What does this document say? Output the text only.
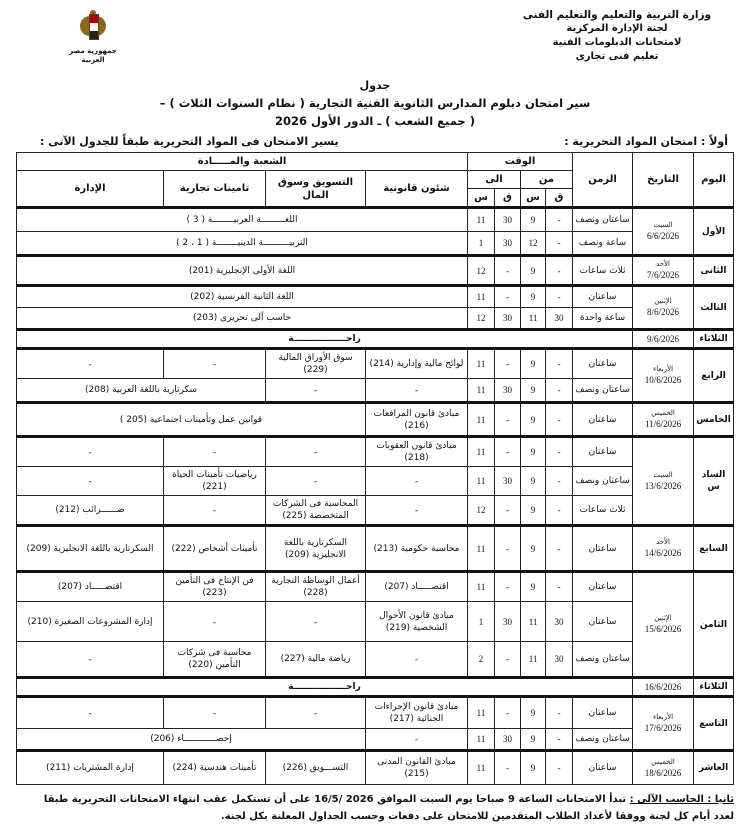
وزارة التربية والتعليم والتعليم الفنى
لجنة الإدارة المركزية
لامتحانات الدبلومات الفنية
تعليم فنى تجارى
جمهورية مصر العربية
جدول
سير امتحان دبلوم المدارس الثانوية الفنية التجارية ( نظام السنوات الثلاث ) –
( جميع الشعب ) ـ الدور الأول 2026
أولاً : امتحان المواد التحريرية :
يسير الامتحان فى المواد التحريرية طبقاً للجدول الآتى :
اليوم	التاريخ	الزمن	الوقت				الشعبة والمـــــادة			
			من		الى		شئون قانونية	التسويق وسوق المال	تامينات تجارية	الإدارة
			ق	س	ق	س				
الأول	السبت
6/6/2026	ساعتان ونصف	-	9	30	11	اللغـــــــــة العربيــــــــة ( 3 )			
		ساعة ونصف	-	12	30	1	التربيــــــــــة الدينيــــــــة ( 1 ، 2 )			
الثانى	الأحد
7/6/2026	ثلاث ساعات	-	9	-	12	اللغة الأولى الإنجليزية (201)			
الثالث	الإثنين
8/6/2026	ساعتان	-	9	-	11	اللغة الثانية الفرنسية (202)			
		ساعة واحدة	30	11	30	12	حاسب آلى تحريرى (203)			
الثلاثاء	9/6/2026	راحـــــــــــــــــة								
الرابع	الأربعاء
10/6/2026	ساعتان	-	9	-	11	لوائح مالية وإدارية (214)	سوق الأوراق المالية (229)	-	-
		ساعتان ونصف	-	9	30	11	-	-	سكرتارية باللغة العربية (208)	
الخامس	الخميس
11/6/2026	ساعتان	-	9	-	11	مبادئ قانون المرافعات (216)	قوانين عمل وتأمينات اجتماعية (205 )		
السادس	السبت
13/6/2026	ساعتان	-	9	-	11	مبادئ قانون العقوبات (218)	-	-	-
		ساعتان ونصف	-	9	30	11	-	-	رياضيات تأمينات الحياة (221)	-
		ثلاث ساعات	-	9	-	12	-	المحاسبة فى الشركات المتخصصة (225)	-	ضــــــرائب (212)
السابع	الأحد
14/6/2026	ساعتان	-	9	-	11	محاسبة حكومية (213)	السكرتارية باللغة الانجليزية (209)	تأمينات أشخاص (222)	السكرتارية باللغة الانجليزية (209)
الثامن	الإثنين
15/6/2026	ساعتان	-	9	-	11	اقتصـــــاد (207)	أعمال الوساطة التجارية (228)	فن الإنتاج فى التأمين (223)	اقتصـــــاد (207)
		ساعتان	30	11	30	1	مبادئ قانون الأحوال الشخصية (219)	-	-	إدارة المشروعات الصغيرة (210)
		ساعتان ونصف	30	11	-	2	-	رياضة مالية (227)	محاسبة فى شركات التأمين (220)	-
الثلاثاء	16/6/2026	راحـــــــــــــــــة								
التاسع	الأربعاء
17/6/2026	ساعتان	-	9	-	11	مبادئ قانون الإجراءات الجنائية (217)	-	-	-
		ساعتان ونصف	-	9	30	11	-	إحصــــــــــــاء (206)		
العاشر	الخميس
18/6/2026	ساعتان	-	9	-	11	مبادئ القانون المدنى (215)	التســـويق (226)	تأمينات هندسية (224)	إدارة المشتريات (211)
ثانيا : الحاسب الآلى : تبدأ الامتحانات الساعة 9 صباحا يوم السبت الموافق 2026 /16/5 على أن تستكمل عقب انتهاء الامتحانات التحريرية طبقا لعدد أيام كل لجنة ووفقا لأعداد الطلاب المتقدمين للامتحان على دفعات وحسب الجداول المعلنة بكل لجنة.
